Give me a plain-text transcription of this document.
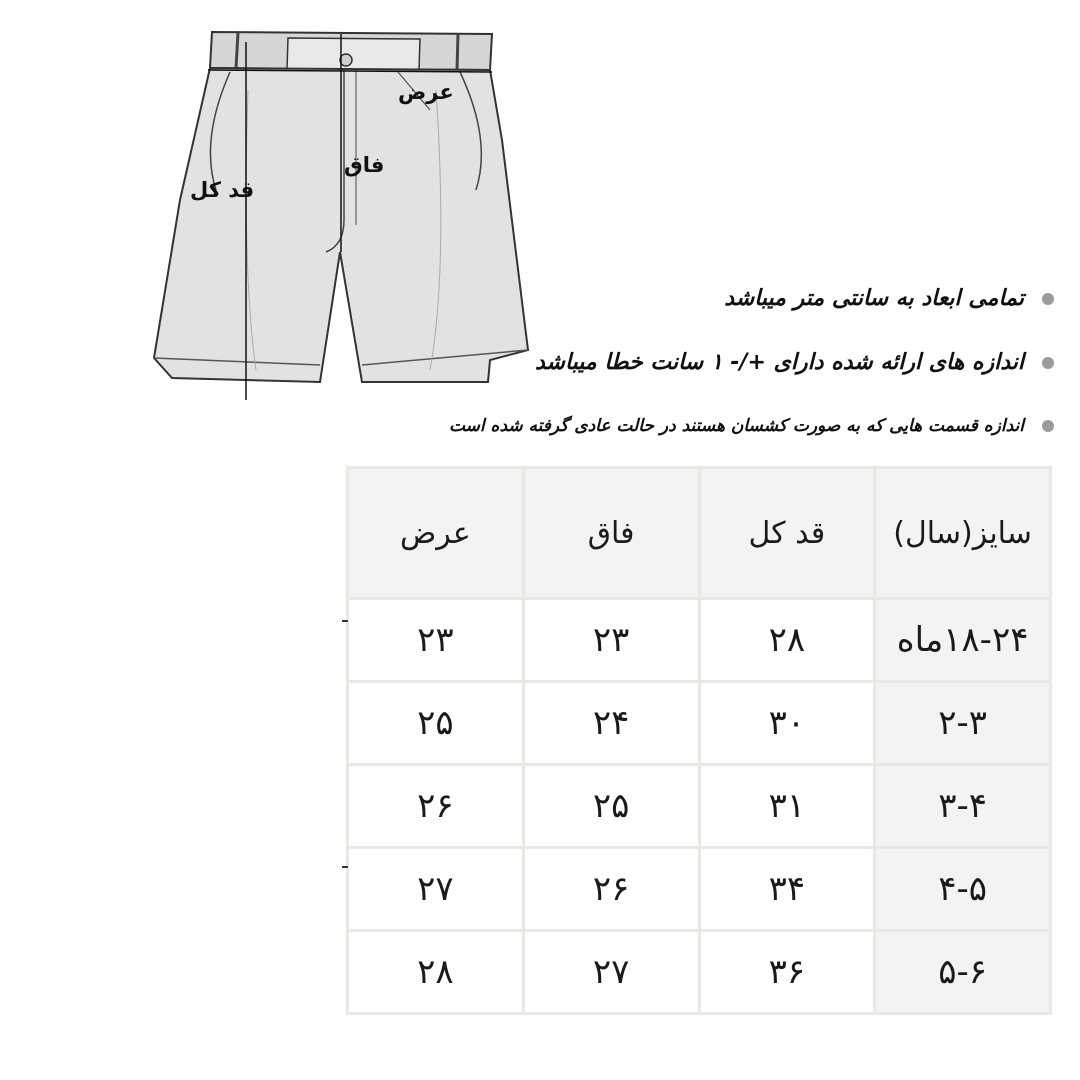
عرض
فاق
قد کل
تمامی ابعاد به سانتی متر میباشد
اندازه های ارائه شده دارای +/- ۱ سانت خطا میباشد
اندازه قسمت هایی که به صورت کشسان هستند در حالت عادی گرفته شده است
سایز(سال)	قد کل	فاق	عرض
۱۸-۲۴ماه	۲۸	۲۳	۲۳
۲-۳	۳۰	۲۴	۲۵
۳-۴	۳۱	۲۵	۲۶
۴-۵	۳۴	۲۶	۲۷
۵-۶	۳۶	۲۷	۲۸
